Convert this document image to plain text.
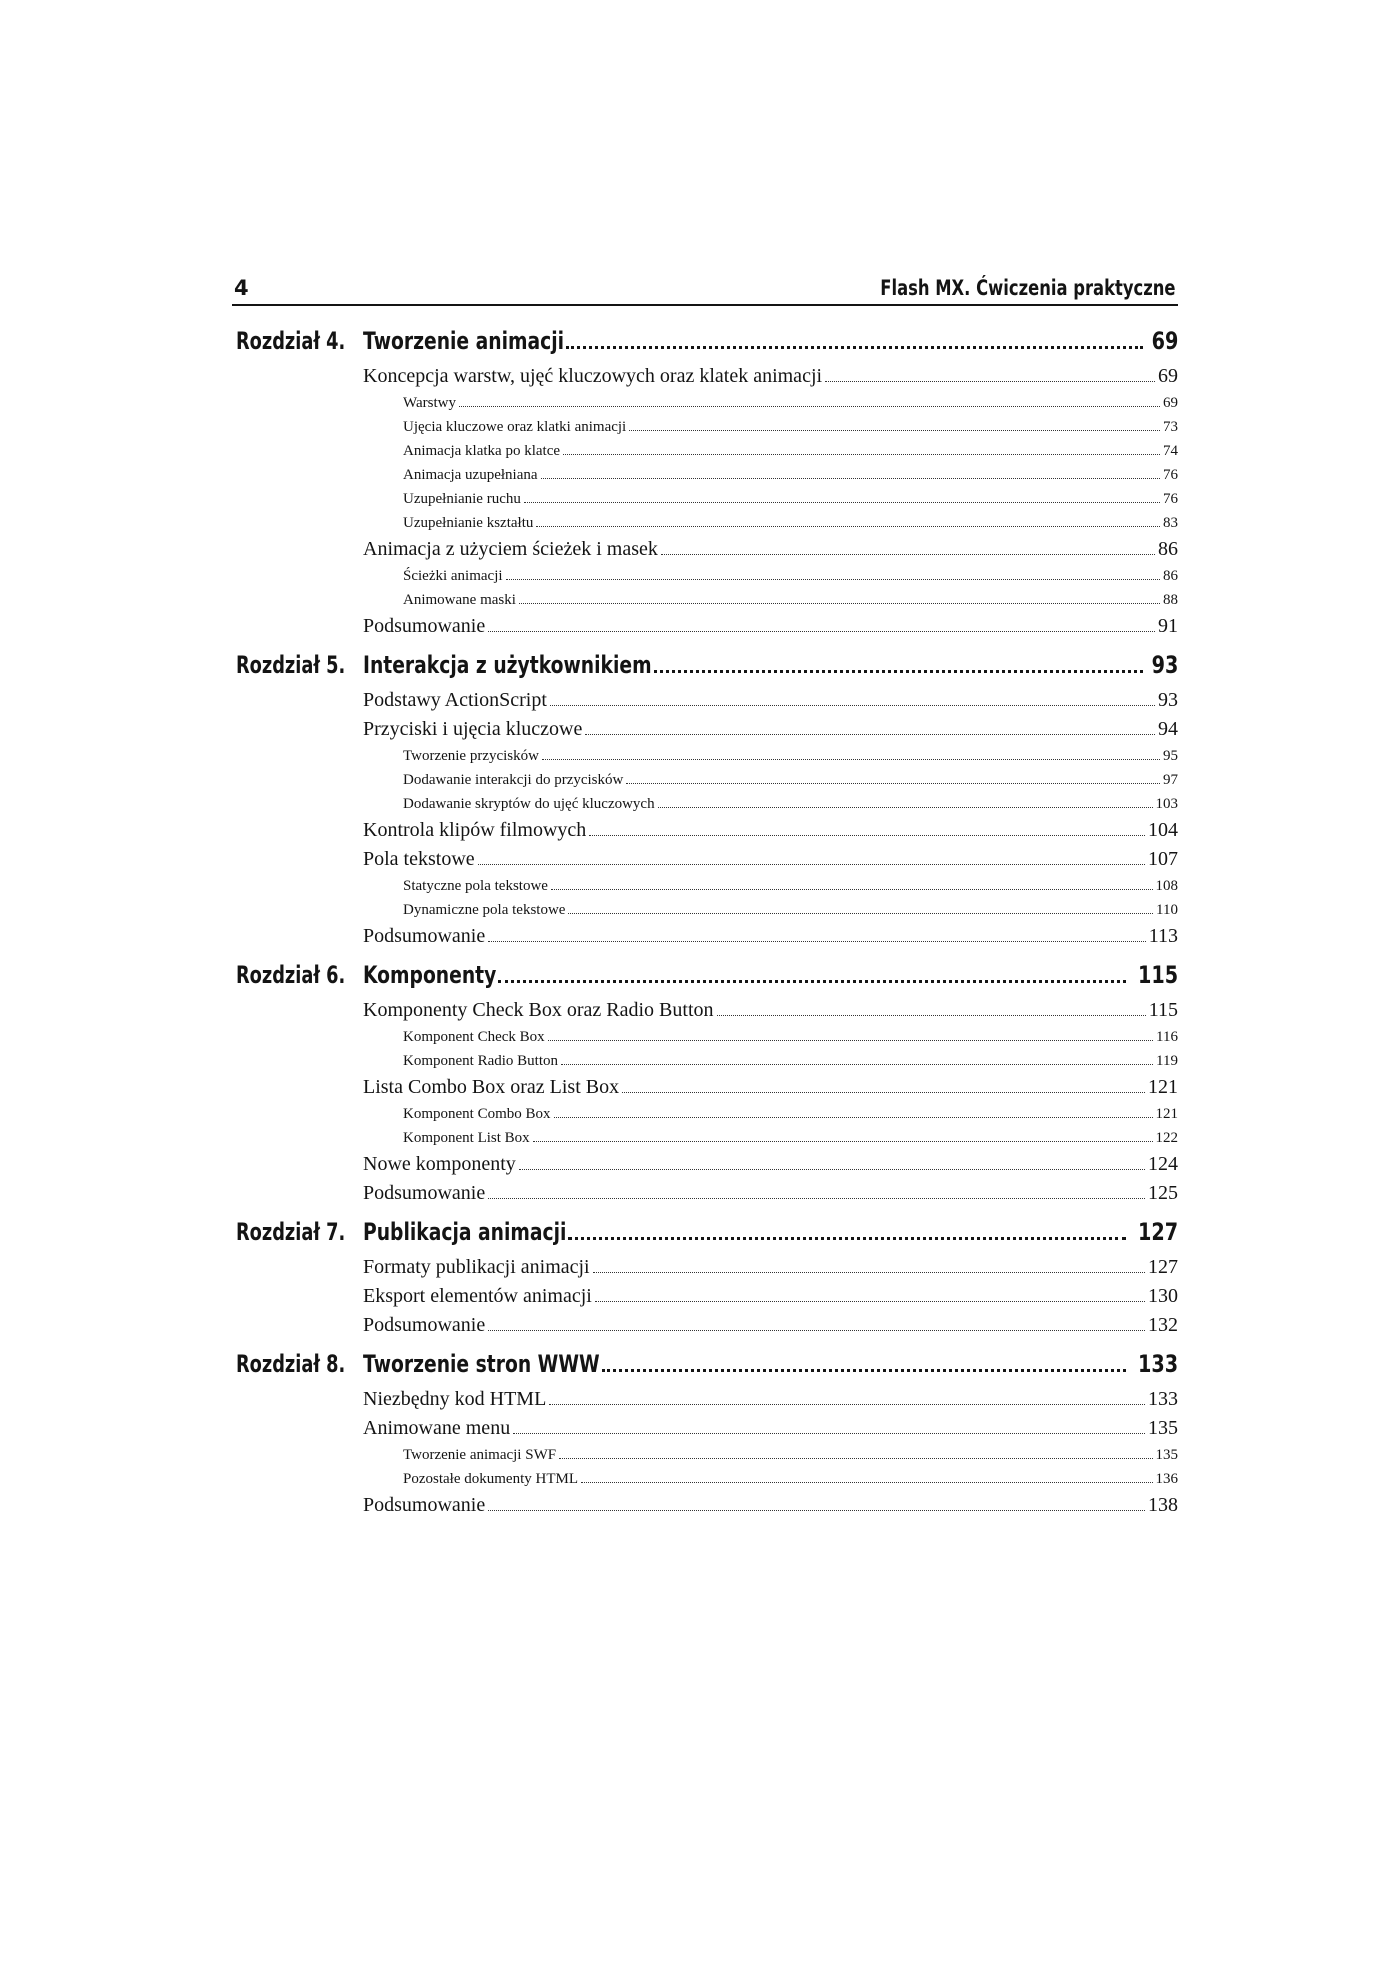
4	Flash MX. Ćwiczenia praktyczne
Rozdział 4. Tworzenie animacji	69
Koncepcja warstw, ujęć kluczowych oraz klatek animacji	69
Warstwy	69
Ujęcia kluczowe oraz klatki animacji	73
Animacja klatka po klatce	74
Animacja uzupełniana	76
Uzupełnianie ruchu	76
Uzupełnianie kształtu	83
Animacja z użyciem ścieżek i masek	86
Ścieżki animacji	86
Animowane maski	88
Podsumowanie	91
Rozdział 5. Interakcja z użytkownikiem	93
Podstawy ActionScript	93
Przyciski i ujęcia kluczowe	94
Tworzenie przycisków	95
Dodawanie interakcji do przycisków	97
Dodawanie skryptów do ujęć kluczowych	103
Kontrola klipów filmowych	104
Pola tekstowe	107
Statyczne pola tekstowe	108
Dynamiczne pola tekstowe	110
Podsumowanie	113
Rozdział 6. Komponenty	115
Komponenty Check Box oraz Radio Button	115
Komponent Check Box	116
Komponent Radio Button	119
Lista Combo Box oraz List Box	121
Komponent Combo Box	121
Komponent List Box	122
Nowe komponenty	124
Podsumowanie	125
Rozdział 7. Publikacja animacji	127
Formaty publikacji animacji	127
Eksport elementów animacji	130
Podsumowanie	132
Rozdział 8. Tworzenie stron WWW	133
Niezbędny kod HTML	133
Animowane menu	135
Tworzenie animacji SWF	135
Pozostałe dokumenty HTML	136
Podsumowanie	138
